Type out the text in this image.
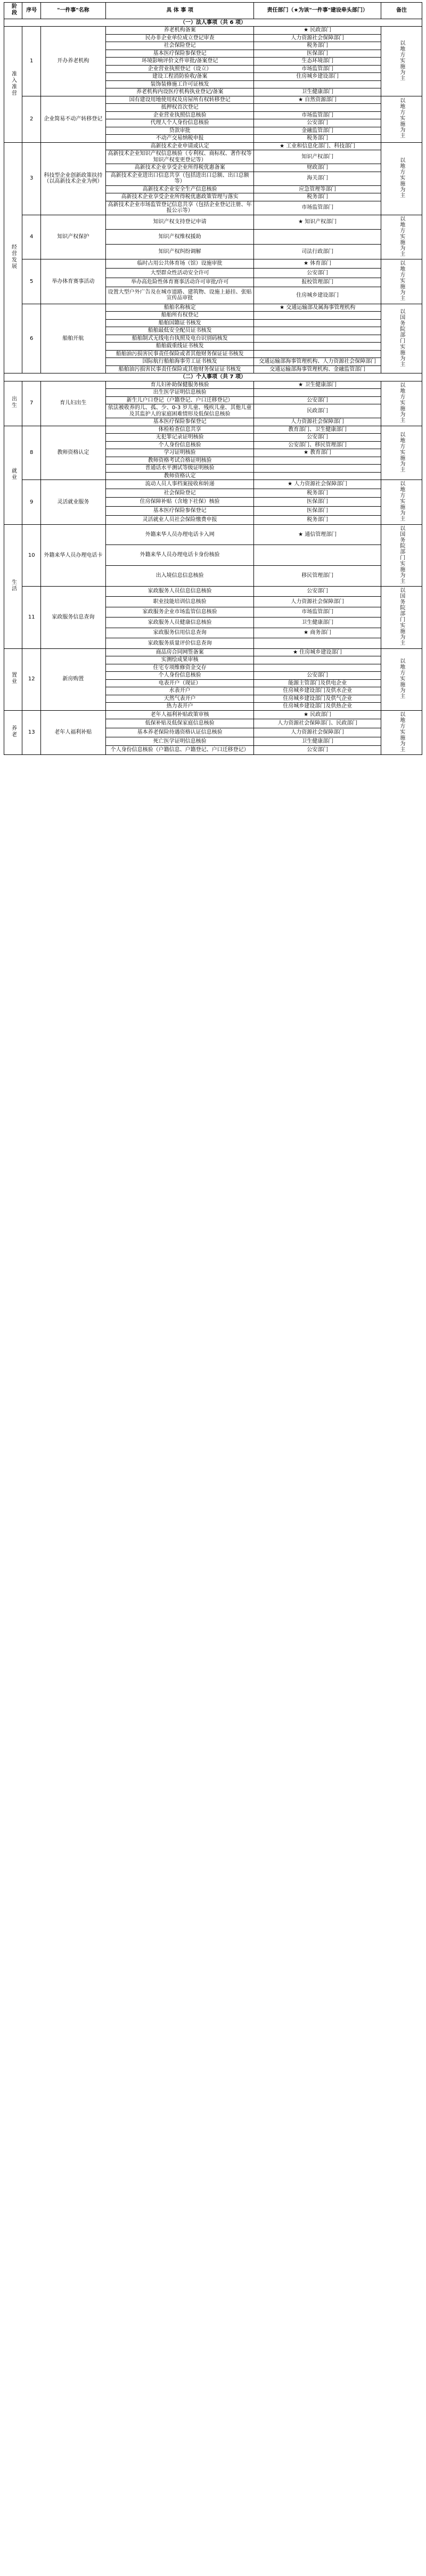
阶段	序号	"一件事"名称	具 体 事 项	责任部门（★为该"一件事"建设牵头部门）	备注
（一）法人事项（共 6 项）					
准入准营	1	开办养老机构	养老机构备案	★ 民政部门	以地方实施为主
			民办非企业单位成立登记审查	人力资源社会保障部门	
			社会保险登记	税务部门	
			基本医疗保险参保登记	医保部门	
			环境影响评价文件审批/备案登记	生态环境部门	
			企业营业执照登记（设立）	市场监管部门	
			建设工程消防验收/备案	住房城乡建设部门	
			装饰装修施工许可证核发		
			养老机构内设医疗机构执业登记/备案	卫生健康部门	
	2	企业简易不动产转移登记	国有建设用地使用权及房屋所有权转移登记	★ 自然资源部门	以地方实施为主
			抵押权首次登记		
			企业营业执照信息核验	市场监管部门	
			代理人个人身份信息核验	公安部门	
			贷款审批	金融监管部门	
			不动产交易纳税申报	税务部门	
经营发展	3	科技型企业创新政策扶持（以高新技术企业为例）	高新技术企业申请或认定	★ 工业和信息化部门、科技部门	以地方实施为主
			高新技术企业知识产权信息核验（专利权、商标权、著作权等知识产权变更登记等）	知识产权部门	
			高新技术企业享受企业所得税优惠备案	财政部门	
			高新技术企业进出口信息共享（包括进出口总额、出口总额等）	海关部门	
			高新技术企业安全生产信息核验	应急管理等部门	
			高新技术企业享受企业所得税优惠政策管理与落实	税务部门	
			高新技术企业市场监管登记信息共享（包括企业登记注册、年报公示等）	市场监管部门	
	4	知识产权保护	知识产权支持登记申请	★ 知识产权部门	以地方实施为主
			知识产权维权援助		
			知识产权纠纷调解	司法行政部门	
	5	举办体育赛事活动	临时占用公共体育场（馆）设施审批	★ 体育部门	以地方实施为主
			大型群众性活动安全许可	公安部门	
			举办高危险性体育赛事活动许可审批/许可	报校管理部门	
			设置大型户外广告及在城市道路、建筑物、设施上悬挂、张贴宣传品审批	住房城乡建设部门	
	6	船舶开航	船舶名称核定	★ 交通运输部及属海事管理机构	以国务院部门实施为主
			船舶所有权登记		
			船舶国籍证书核发		
			船舶最低安全配员证书核发		
			船舶制式无线电台执照及电台识别码核发		
			船舶载重线证书核发		
			船舶油污损害民事责任保险或者其他财务保证证书核发		
			国际航行船舶海事劳工证书核发	交通运输部海事管理机构、人力资源社会保障部门	
			船舶油污损害民事责任保险或其他财务保证证书核发	交通运输部海事管理机构、金融监管部门	
（二）个人事项（共 7 项）					
出生	7	育儿妇出生	育儿妇补助保健服务核验	★ 卫生健康部门	以地方实施为主
			出生医学证明信息核验		
			新生儿户口登记（户籍登记、户口迁移登记）	公安部门	
			依法被收养的儿、孤、少、0-3 岁儿童、残疾儿童、其他儿童及其监护人的家庭困难情形及低保信息核验	民政部门	
			基本医疗保险参保登记	人力资源社会保障部门	
就业	8	教师资格认定	体检检查信息共享	教育部门、卫生健康部门	以地方实施为主
			无犯罪记录证明核验	公安部门	
			个人身份信息核验	公安部门、移民管理部门	
			学习证明核验	★ 教育部门	
			教师资格考试合格证明核验		
			普通话水平测试等级证明核验		
			教师资格认定		
	9	灵活就业服务	流动人员人事档案接收和转递	★ 人力资源社会保障部门	以地方实施为主
			社会保险登记	税务部门	
			住房保障补贴（含地下社保）核验	医保部门	
			基本医疗保险参保登记	医保部门	
			灵活就业人员社会保险缴费申报	税务部门	
生活	10	外籍来华人员办理电话卡	外籍来华人员办理电话卡入网	★ 通信管理部门	以国务院部门实施为主
			外籍来华人员办理电话卡身份核验		
			出入境信息信息核验	移民管理部门	
	11	家政服务信息查询	家政服务人员信息信息核验	公安部门	以国务院部门实施为主
			职业技能培训信息核验	人力资源社会保障部门	
			家政服务企业市场监管信息核验	市场监管部门	
			家政服务人员健康信息核验	卫生健康部门	
			家政服务信用信息查询	★ 商务部门	
			家政服务质量评价信息查询		
置业	12	新房购置	商品房合同网签备案	★ 住房城乡建设部门	以地方实施为主
			实测绘成果审核		
			住宅专项维修资金交存		
			个人身份信息核验	公安部门	
			电表开户（现证）	能源主管部门及供电企业	
			水表开户	住房城乡建设部门及供水企业	
			天然气表开户	住房城乡建设部门及供气企业	
			热力表开户	住房城乡建设部门及供热企业	
养老	13	老年人福利补贴	老年人福利补贴政策审核	★ 民政部门	以地方实施为主
			低保补贴及低保家庭信息核验	人力资源社会保障部门、民政部门	
			基本养老保险待遇资格认证信息核验	人力资源社会保障部门	
			死亡医学证明信息核验	卫生健康部门	
			个人身份信息核验（户籍信息、户籍登记、户口迁移登记）	公安部门	
